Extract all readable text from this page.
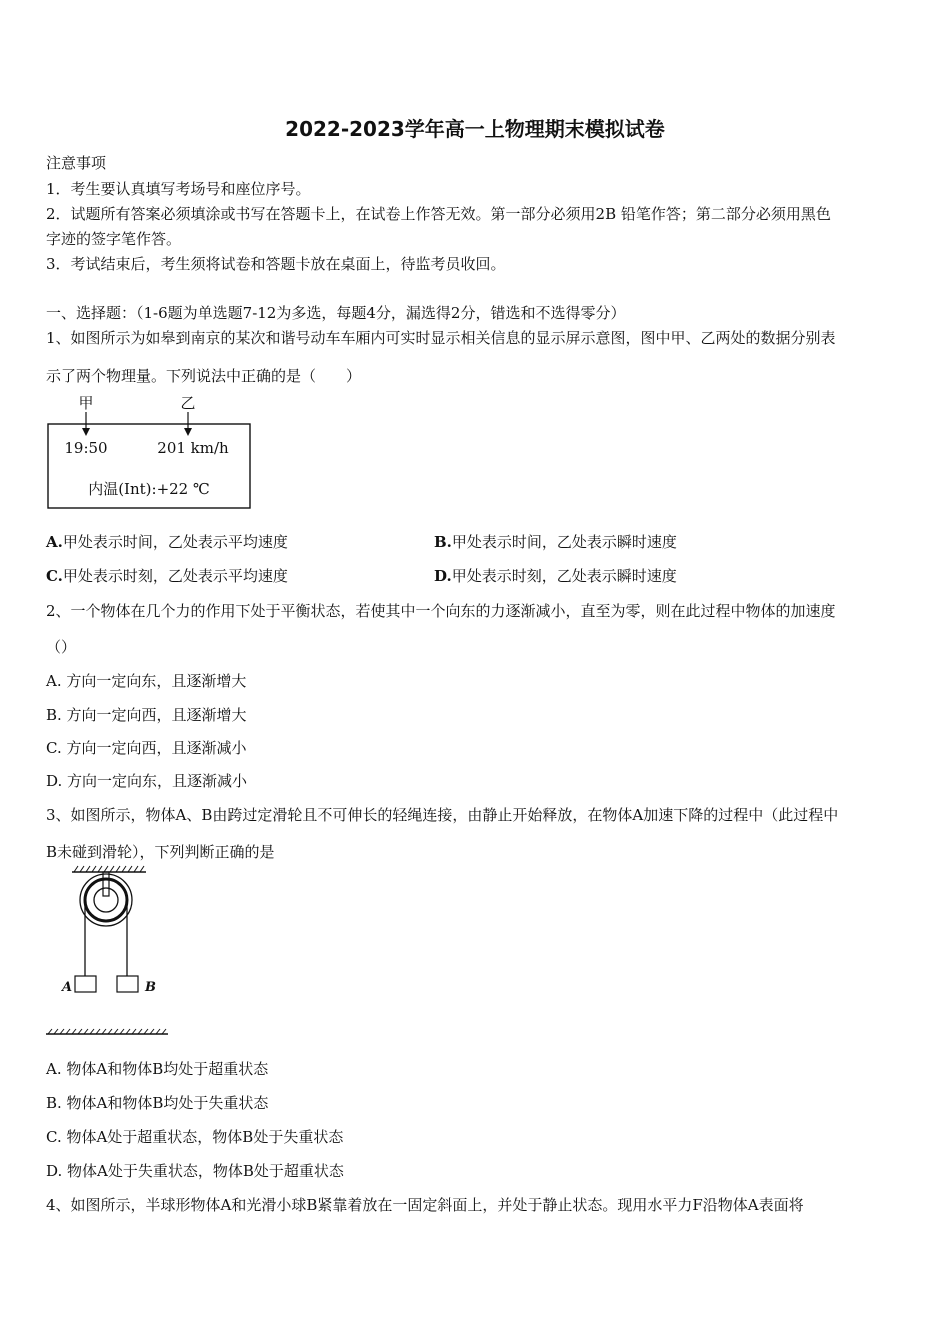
2022-2023学年高一上物理期末模拟试卷
注意事项
1．考生要认真填写考场号和座位序号。
2．试题所有答案必须填涂或书写在答题卡上，在试卷上作答无效。第一部分必须用2B 铅笔作答；第二部分必须用黑色
字迹的签字笔作答。
3．考试结束后，考生须将试卷和答题卡放在桌面上，待监考员收回。
一、选择题：（1-6题为单选题7-12为多选，每题4分，漏选得2分，错选和不选得零分）
1、如图所示为如皋到南京的某次和谐号动车车厢内可实时显示相关信息的显示屏示意图，图中甲、乙两处的数据分别表
示了两个物理量。下列说法中正确的是（　　）
甲	乙
19:50	201 km/h
内温(Int):+22 ℃
A.甲处表示时间，乙处表示平均速度	B.甲处表示时间，乙处表示瞬时速度
C.甲处表示时刻，乙处表示平均速度	D.甲处表示时刻，乙处表示瞬时速度
2、一个物体在几个力的作用下处于平衡状态，若使其中一个向东的力逐渐减小，直至为零，则在此过程中物体的加速度
（）
A. 方向一定向东，且逐渐增大
B. 方向一定向西，且逐渐增大
C. 方向一定向西，且逐渐减小
D. 方向一定向东，且逐渐减小
3、如图所示，物体A、B由跨过定滑轮且不可伸长的轻绳连接，由静止开始释放，在物体A加速下降的过程中（此过程中
B未碰到滑轮），下列判断正确的是
A	B
A. 物体A和物体B均处于超重状态
B. 物体A和物体B均处于失重状态
C. 物体A处于超重状态，物体B处于失重状态
D. 物体A处于失重状态，物体B处于超重状态
4、如图所示，半球形物体A和光滑小球B紧靠着放在一固定斜面上，并处于静止状态。现用水平力F沿物体A表面将
